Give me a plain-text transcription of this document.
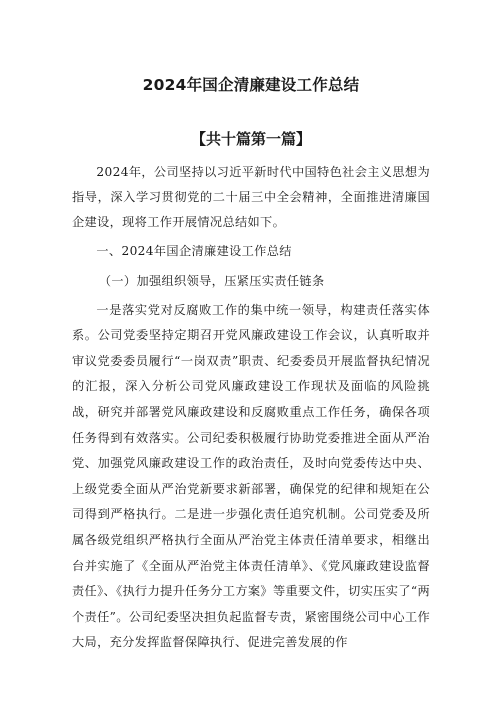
2024年国企清廉建设工作总结
【共十篇第一篇】

2024年，公司坚持以习近平新时代中国特色社会主义思想为指导，深入学习贯彻党的二十届三中全会精神，全面推进清廉国企建设，现将工作开展情况总结如下。

一、2024年国企清廉建设工作总结

（一）加强组织领导，压紧压实责任链条

一是落实党对反腐败工作的集中统一领导，构建责任落实体系。公司党委坚持定期召开党风廉政建设工作会议，认真听取并审议党委委员履行“一岗双责”职责、纪委委员开展监督执纪情况的汇报，深入分析公司党风廉政建设工作现状及面临的风险挑战，研究并部署党风廉政建设和反腐败重点工作任务，确保各项任务得到有效落实。公司纪委积极履行协助党委推进全面从严治党、加强党风廉政建设工作的政治责任，及时向党委传达中央、上级党委全面从严治党新要求新部署，确保党的纪律和规矩在公司得到严格执行。二是进一步强化责任追究机制。公司党委及所属各级党组织严格执行全面从严治党主体责任清单要求，相继出台并实施了《全面从严治党主体责任清单》、《党风廉政建设监督责任》、《执行力提升任务分工方案》等重要文件，切实压实了“两个责任”。公司纪委坚决担负起监督专责，紧密围绕公司中心工作大局，充分发挥监督保障执行、促进完善发展的作
